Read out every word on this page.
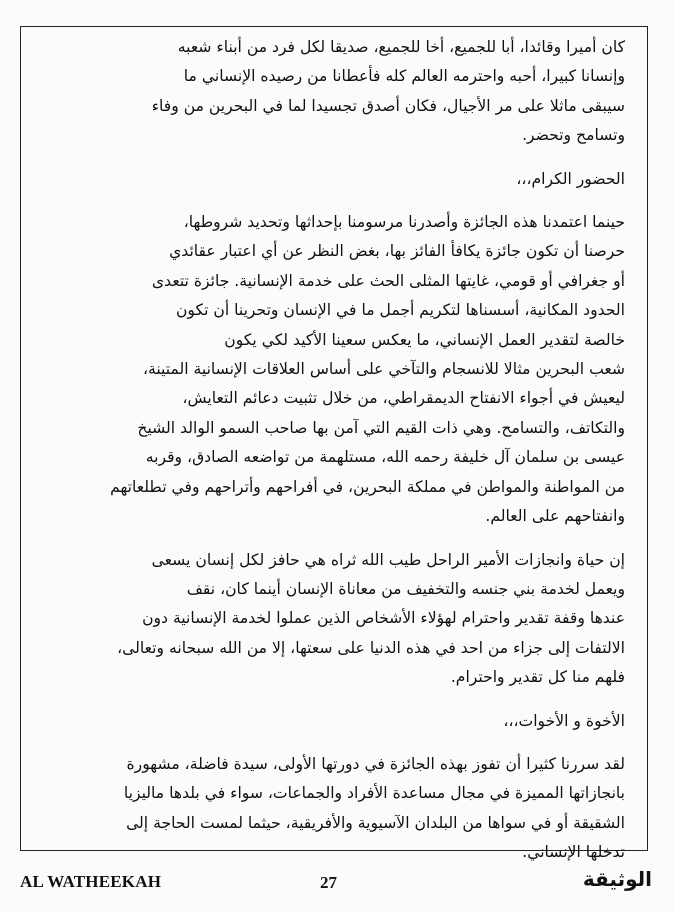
كان أميرا وقائدا، أبا للجميع، أخا للجميع، صديقا لكل فرد من أبناء شعبه
وإنسانا كبيرا، أحبه واحترمه العالم كله فأعطانا من رصيده الإنساني ما
سيبقى ماثلا على مر الأجيال، فكان أصدق تجسيدا لما في البحرين من وفاء
وتسامح وتحضر.

الحضور الكرام،،،

حينما اعتمدنا هذه الجائزة وأصدرنا مرسومنا بإحداثها وتحديد شروطها،
حرصنا أن تكون جائزة يكافأ الفائز بها، بغض النظر عن أي اعتبار عقائدي
أو جغرافي أو قومي، غايتها المثلى الحث على خدمة الإنسانية. جائزة تتعدى
الحدود المكانية، أسسناها لتكريم أجمل ما في الإنسان وتحرينا أن تكون
خالصة لتقدير العمل الإنساني، ما يعكس سعينا الأكيد لكي يكون
شعب البحرين مثالا للانسجام والتآخي على أساس العلاقات الإنسانية المتينة،
ليعيش في أجواء الانفتاح الديمقراطي، من خلال تثبيت دعائم التعايش،
والتكاتف، والتسامح. وهي ذات القيم التي آمن بها صاحب السمو الوالد الشيخ
عيسى بن سلمان آل خليفة رحمه الله، مستلهمة من تواضعه الصادق، وقربه
من المواطنة والمواطن في مملكة البحرين، في أفراحهم وأتراحهم وفي تطلعاتهم
وانفتاحهم على العالم.

إن حياة وانجازات الأمير الراحل طيب الله ثراه هي حافز لكل إنسان يسعى
ويعمل لخدمة بني جنسه والتخفيف من معاناة الإنسان أينما كان، نقف
عندها وقفة تقدير واحترام لهؤلاء الأشخاص الذين عملوا لخدمة الإنسانية دون
الالتفات إلى جزاء من احد في هذه الدنيا على سعتها، إلا من الله سبحانه وتعالى،
فلهم منا كل تقدير واحترام.

الأخوة و الأخوات،،،

لقد سررنا كثيرا أن تفوز بهذه الجائزة في دورتها الأولى، سيدة فاضلة، مشهورة
بانجازاتها المميزة في مجال مساعدة الأفراد والجماعات، سواء في بلدها ماليزيا
الشقيقة أو في سواها من البلدان الآسيوية والأفريقية، حيثما لمست الحاجة إلى
تدخلها الإنساني.

AL WATHEEKAH	27	الوثيقة
